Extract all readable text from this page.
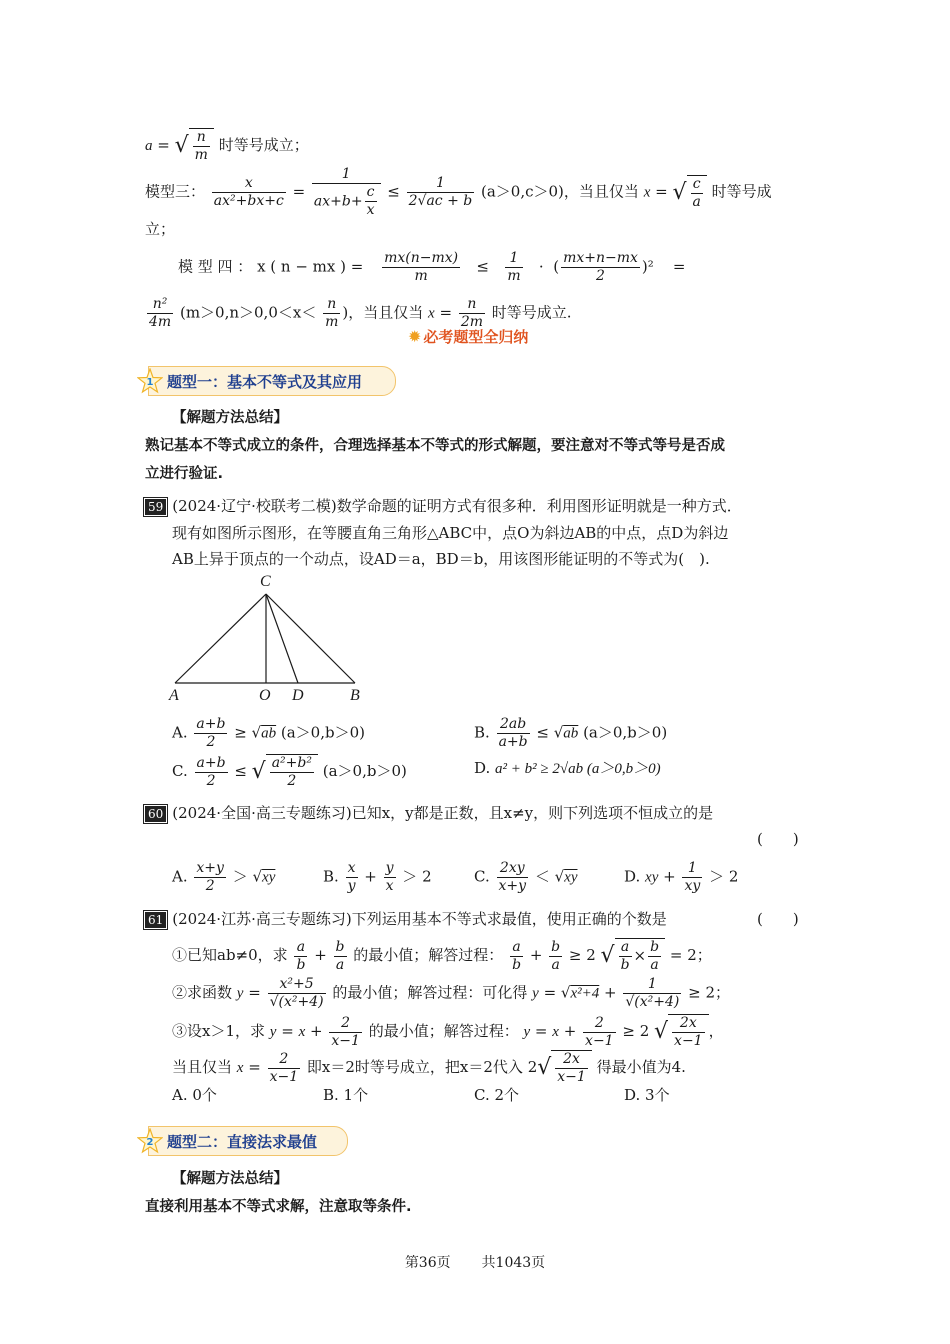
a = √ $\frac{n}{m}$ 时等号成立；
模型三： $\frac{x}{\text{ax²+bx+c}} = \frac{1}{ax+b+ \frac{c}{x}} \le \frac{1}{2√ac + b} (a>0,c>0)$，当且仅当 x = √ $\frac{c}{a}$ 时等号成
立；
模 型 四 ： x ( n − mx ) = $\frac{mx(n-mx)}{m} \le \frac{1}{m}$ ·  ( $\frac{mx+n-mx}{2} )^2$    =
$\frac{\text{n²}}{4m} (m>0,n>0,0<x< \frac{n}{m}$ )，当且仅当 $x = \frac{n}{2m}$ 时等号成立.
✹ 必考题型全归纳
1 题型一：基本不等式及其应用
【解题方法总结】
熟记基本不等式成立的条件，合理选择基本不等式的形式解题，要注意对不等式等号是否成
立进行验证.
59 (2024·辽宁·校联考二模)数学命题的证明方式有很多种．利用图形证明就是一种方式．
现有如图所示图形，在等腰直角三角形△ABC中，点O为斜边AB的中点，点D为斜边
AB上异于顶点的一个动点，设AD＝a，BD＝b，用该图形能证明的不等式为(　).
C
A	O D	B
A. $\frac{a+b}{2} \ge √ab$ (a＞0,b＞0)	B. $\frac{2ab}{a+b} \le √ab$ (a＞0,b＞0)
C. $\frac{a+b}{2}$ ≤ √ $\frac{\text{a²+b²}}{2} (a>0,b>0)$	D. a² + b² ≥ 2√ab (a＞0,b＞0)
60 (2024·全国·高三专题练习)已知x，y都是正数，且x≠y，则下列选项不恒成立的是
(　　)
A. $\frac{x+y}{2} > √xy$	B. $\frac{x}{y} + \frac{y}{x} > 2$	C. $\frac{2xy}{x+y} < √xy$	D. xy + $\frac{1}{xy} > 2$
61 (2024·江苏·高三专题练习)下列运用基本不等式求最值，使用正确的个数是	(　　)
①已知ab≠0，求 $\frac{a}{b} + \frac{b}{a}$ 的最小值；解答过程： $\frac{a}{b} + \frac{b}{a} \ge 2$ √ $\frac{a}{b} \times \frac{b}{a} = 2$；
②求函数 $y = \frac{\text{x²+5}}{\text{√(x²+4)}}$ 的最小值；解答过程：可化得 $y = √x^2+4 + \frac{1}{\text{√(x²+4)}} \ge 2$；
③设x＞1，求 $y = x + \frac{2}{x-1}$ 的最小值；解答过程： $y = x + \frac{2}{x-1} \ge 2$ √ $\frac{2x}{x-1}$ ，
当且仅当 $x = \frac{2}{x-1}$ 即x＝2时等号成立，把x＝2代入 $2√ \frac{2x}{x-1}$ 得最小值为4.
A. 0个	B. 1个	C. 2个	D. 3个
2 题型二：直接法求最值
【解题方法总结】
直接利用基本不等式求解，注意取等条件.
第36页 共1043页
